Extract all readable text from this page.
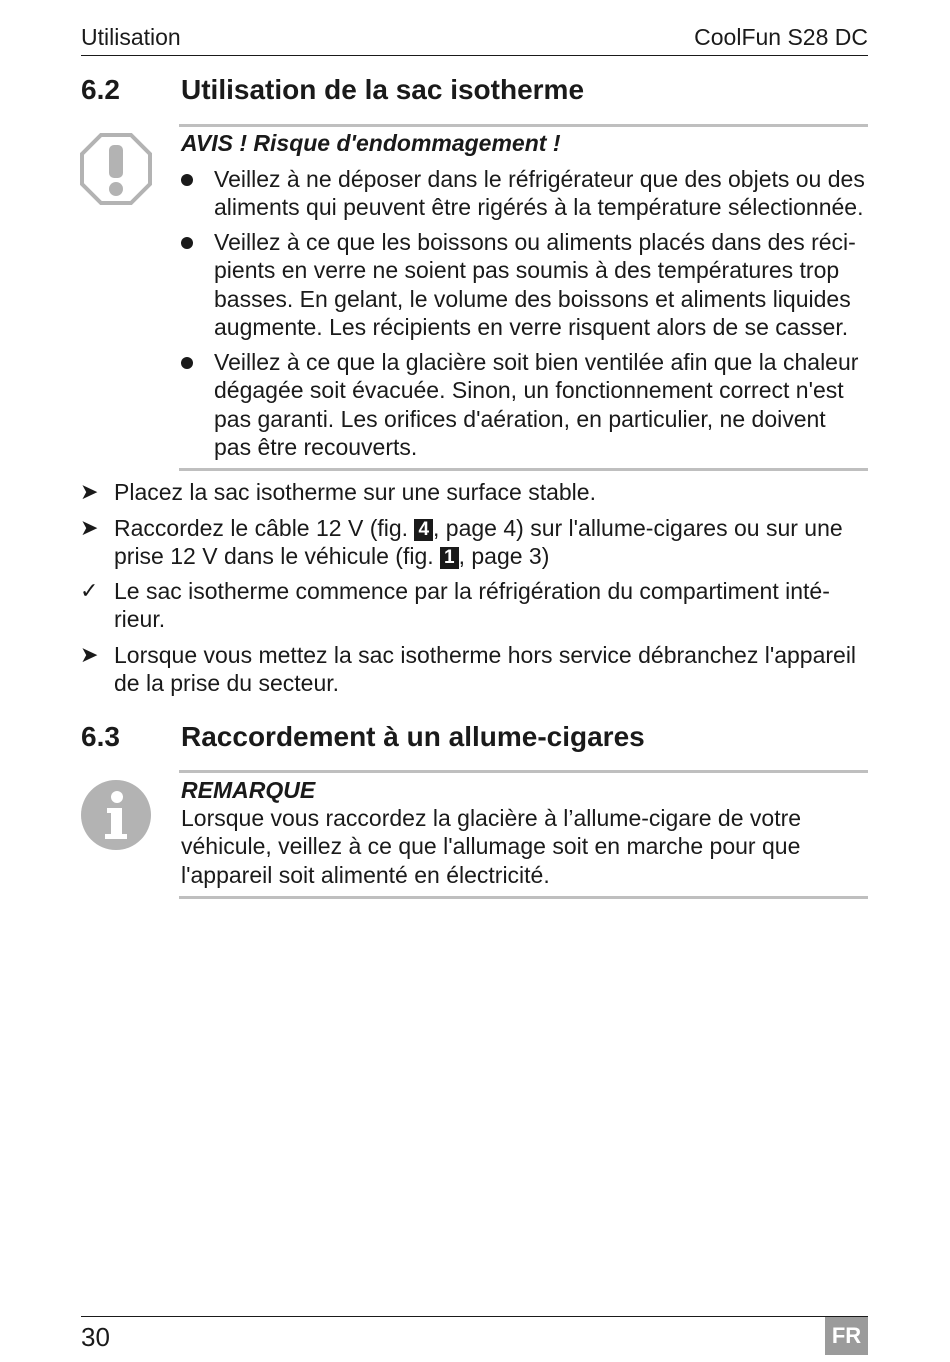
Utilisation	CoolFun S28 DC
6.2 Utilisation de la sac isotherme
AVIS ! Risque d'endommagement !
Veillez à ne déposer dans le réfrigérateur que des objets ou des
aliments qui peuvent être rigérés à la température sélectionnée.
Veillez à ce que les boissons ou aliments placés dans des réci-
pients en verre ne soient pas soumis à des températures trop
basses. En gelant, le volume des boissons et aliments liquides
augmente. Les récipients en verre risquent alors de se casser.
Veillez à ce que la glacière soit bien ventilée afin que la chaleur
dégagée soit évacuée. Sinon, un fonctionnement correct n'est
pas garanti. Les orifices d'aération, en particulier, ne doivent
pas être recouverts.
➤ Placez la sac isotherme sur une surface stable.
➤ Raccordez le câble 12 V (fig. 4 , page 4) sur l'allume-cigares ou sur une
prise 12 V dans le véhicule (fig. 1 , page 3)
✓ Le sac isotherme commence par la réfrigération du compartiment inté-
rieur.
➤ Lorsque vous mettez la sac isotherme hors service débranchez l'appareil
de la prise du secteur.
6.3 Raccordement à un allume-cigares
REMARQUE
Lorsque vous raccordez la glacière à l’allume-cigare de votre
véhicule, veillez à ce que l'allumage soit en marche pour que
l'appareil soit alimenté en électricité.
30	FR
